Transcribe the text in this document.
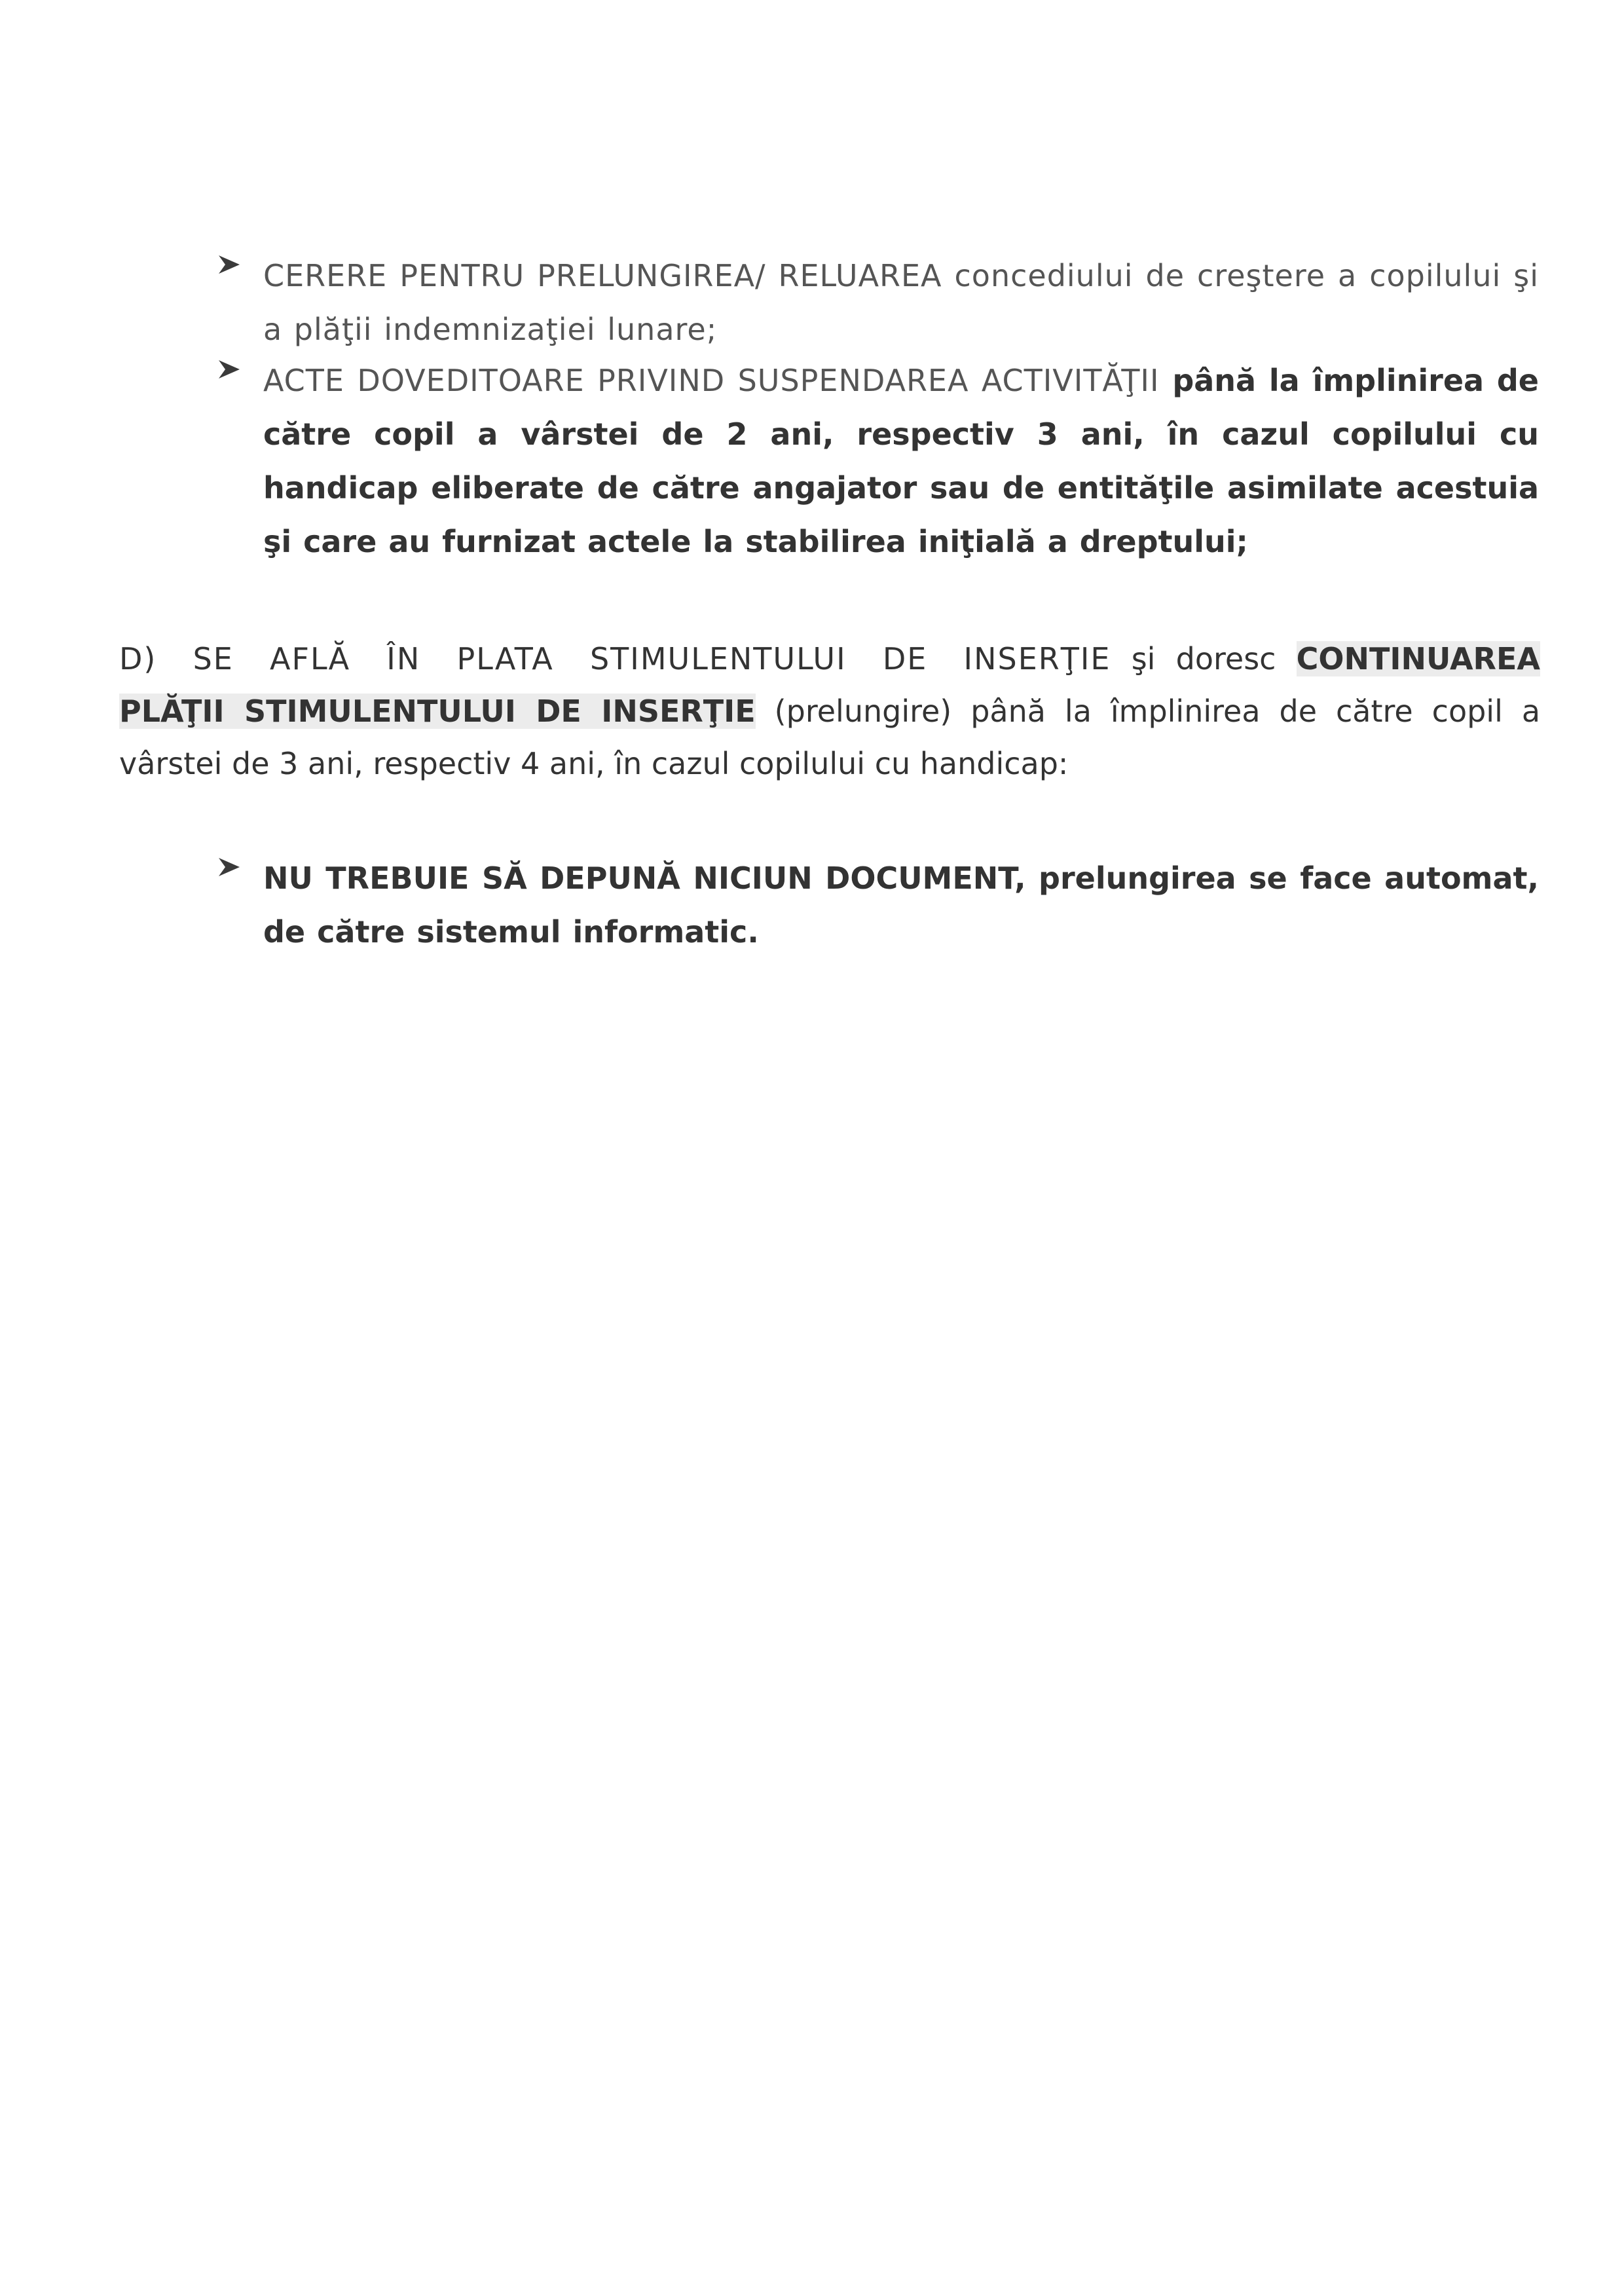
CERERE PENTRU PRELUNGIREA/ RELUAREA concediului de creştere a copilului şi a plăţii indemnizaţiei lunare;
ACTE DOVEDITOARE PRIVIND SUSPENDAREA ACTIVITĂŢII până la împlinirea de către copil a vârstei de 2 ani, respectiv 3 ani, în cazul copilului cu handicap eliberate de către angajator sau de entităţile asimilate acestuia şi care au furnizat actele la stabilirea iniţială a dreptului;
D) SE AFLĂ ÎN PLATA STIMULENTULUI DE INSERŢIE şi doresc CONTINUAREA PLĂŢII STIMULENTULUI DE INSERŢIE (prelungire) până la împlinirea de către copil a vârstei de 3 ani, respectiv 4 ani, în cazul copilului cu handicap:
NU TREBUIE SĂ DEPUNĂ NICIUN DOCUMENT, prelungirea se face automat, de către sistemul informatic.
